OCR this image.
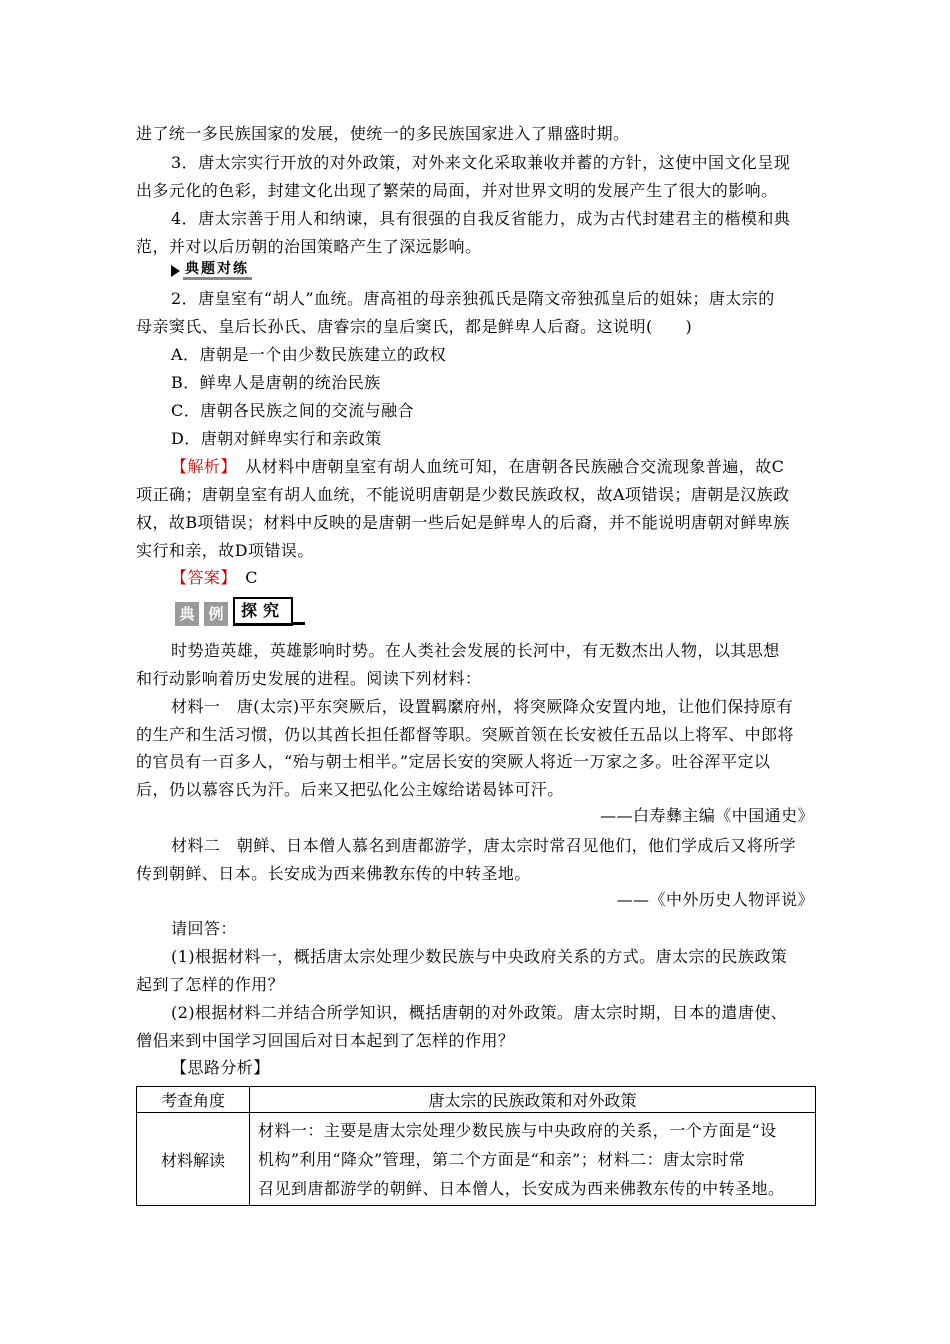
进了统一多民族国家的发展，使统一的多民族国家进入了鼎盛时期。
3．唐太宗实行开放的对外政策，对外来文化采取兼收并蓄的方针，这使中国文化呈现
出多元化的色彩，封建文化出现了繁荣的局面，并对世界文明的发展产生了很大的影响。
4．唐太宗善于用人和纳谏，具有很强的自我反省能力，成为古代封建君主的楷模和典
范，并对以后历朝的治国策略产生了深远影响。
典题对练
2．唐皇室有“胡人”血统。唐高祖的母亲独孤氏是隋文帝独孤皇后的姐妹；唐太宗的
母亲窦氏、皇后长孙氏、唐睿宗的皇后窦氏，都是鲜卑人后裔。这说明(　　)
A．唐朝是一个由少数民族建立的政权
B．鲜卑人是唐朝的统治民族
C．唐朝各民族之间的交流与融合
D．唐朝对鲜卑实行和亲政策
【解析】　从材料中唐朝皇室有胡人血统可知，在唐朝各民族融合交流现象普遍，故C
项正确；唐朝皇室有胡人血统，不能说明唐朝是少数民族政权，故A项错误；唐朝是汉族政
权，故B项错误；材料中反映的是唐朝一些后妃是鲜卑人的后裔，并不能说明唐朝对鲜卑族
实行和亲，故D项错误。
【答案】　C
典 例	探究
时势造英雄，英雄影响时势。在人类社会发展的长河中，有无数杰出人物，以其思想
和行动影响着历史发展的进程。阅读下列材料：
材料一　唐(太宗)平东突厥后，设置羁縻府州，将突厥降众安置内地，让他们保持原有
的生产和生活习惯，仍以其酋长担任都督等职。突厥首领在长安被任五品以上将军、中郎将
的官员有一百多人，“殆与朝士相半。”定居长安的突厥人将近一万家之多。吐谷浑平定以
后，仍以慕容氏为汗。后来又把弘化公主嫁给诺曷钵可汗。
——白寿彝主编《中国通史》
材料二　朝鲜、日本僧人慕名到唐都游学，唐太宗时常召见他们，他们学成后又将所学
传到朝鲜、日本。长安成为西来佛教东传的中转圣地。
——《中外历史人物评说》
请回答：
(1)根据材料一，概括唐太宗处理少数民族与中央政府关系的方式。唐太宗的民族政策
起到了怎样的作用？
(2)根据材料二并结合所学知识，概括唐朝的对外政策。唐太宗时期，日本的遣唐使、
僧侣来到中国学习回国后对日本起到了怎样的作用？
【思路分析】
考查角度	唐太宗的民族政策和对外政策
材料解读	材料一：主要是唐太宗处理少数民族与中央政府的关系，一个方面是“设
机构”利用“降众”管理，第二个方面是“和亲”；材料二：唐太宗时常
召见到唐都游学的朝鲜、日本僧人，长安成为西来佛教东传的中转圣地。
